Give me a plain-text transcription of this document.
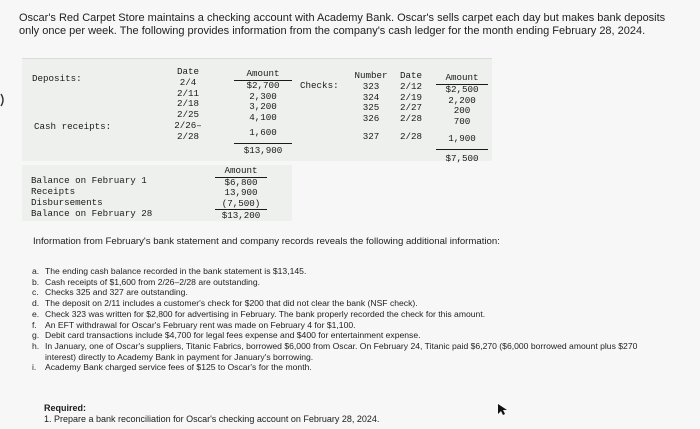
Oscar's Red Carpet Store maintains a checking account with Academy Bank. Oscar's sells carpet each day but makes bank deposits only once per week. The following provides information from the company's cash ledger for the month ending February 28, 2024.
Deposits:
Cash receipts:
Date
2/4
2/11
2/18
2/25
2/26–
2/28
Amount
$2,700
2,300
3,200
4,100
1,600
$13,900
Checks:
Number
323
324
325
326
327
Date
2/12
2/19
2/27
2/28
2/28
Amount
$2,500
2,200
200
700
1,900
$7,500
Balance on February 1
Receipts
Disbursements
Balance on February 28
Amount
$6,800
13,900
(7,500)
$13,200
Information from February's bank statement and company records reveals the following additional information:
a. The ending cash balance recorded in the bank statement is $13,145.
b. Cash receipts of $1,600 from 2/26–2/28 are outstanding.
c. Checks 325 and 327 are outstanding.
d. The deposit on 2/11 includes a customer's check for $200 that did not clear the bank (NSF check).
e. Check 323 was written for $2,800 for advertising in February. The bank properly recorded the check for this amount.
f. An EFT withdrawal for Oscar's February rent was made on February 4 for $1,100.
g. Debit card transactions include $4,700 for legal fees expense and $400 for entertainment expense.
h. In January, one of Oscar's suppliers, Titanic Fabrics, borrowed $6,000 from Oscar. On February 24, Titanic paid $6,270 ($6,000 borrowed amount plus $270 interest) directly to Academy Bank in payment for January's borrowing.
i. Academy Bank charged service fees of $125 to Oscar's for the month.
Required:
1. Prepare a bank reconciliation for Oscar's checking account on February 28, 2024.
